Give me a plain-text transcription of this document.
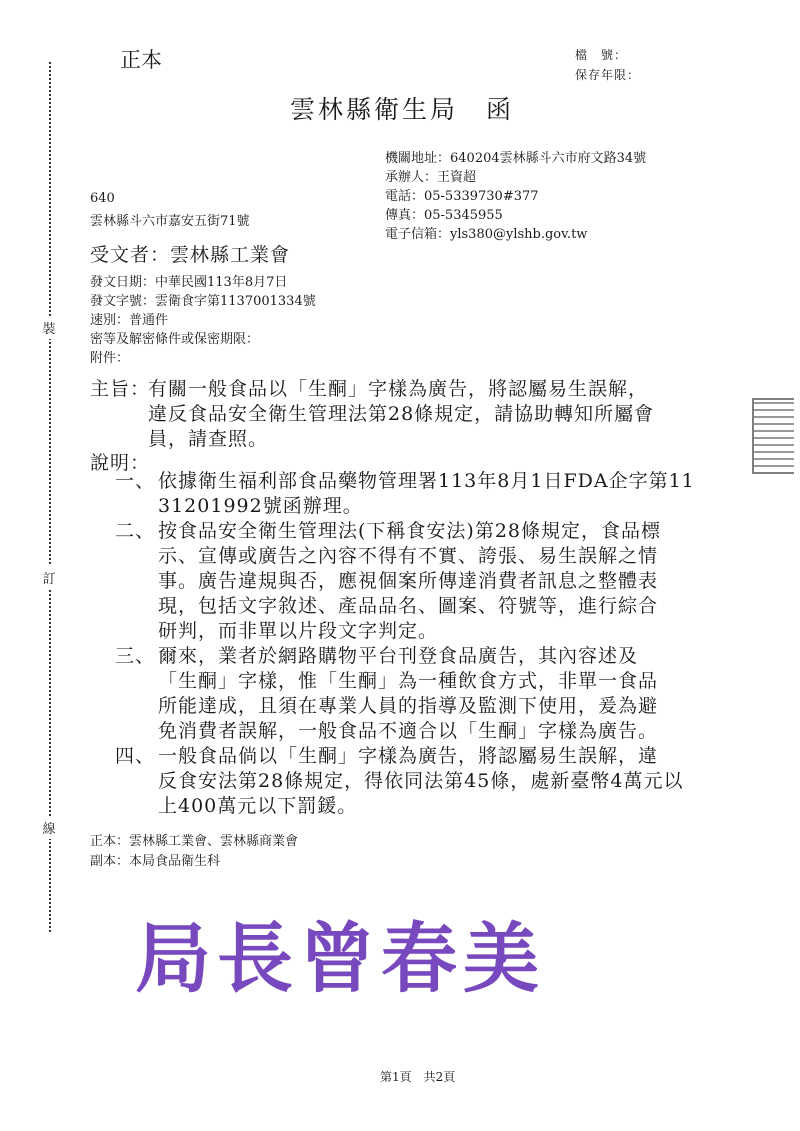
裝
訂
線
正本	檔　號：
保存年限：
雲林縣衛生局　函
機關地址：640204雲林縣斗六市府文路34號
承辦人：王資超
電話：05-5339730#377
傳真：05-5345955
電子信箱：yls380@ylshb.gov.tw
640
雲林縣斗六市嘉安五街71號
受文者：雲林縣工業會
發文日期：中華民國113年8月7日
發文字號：雲衛食字第1137001334號
速別：普通件
密等及解密條件或保密期限：
附件：
主旨：
有關一般食品以「生酮」字樣為廣告，將認屬易生誤解，
違反食品安全衛生管理法第28條規定，請協助轉知所屬會
員，請查照。
說明：
一、 依據衛生福利部食品藥物管理署113年8月1日FDA企字第11
31201992號函辦理。
二、 按食品安全衛生管理法(下稱食安法)第28條規定，食品標
示、宣傳或廣告之內容不得有不實、誇張、易生誤解之情
事。廣告違規與否，應視個案所傳達消費者訊息之整體表
現，包括文字敘述、產品品名、圖案、符號等，進行綜合
研判，而非單以片段文字判定。
三、 爾來，業者於網路購物平台刊登食品廣告，其內容述及
「生酮」字樣，惟「生酮」為一種飲食方式，非單一食品
所能達成，且須在專業人員的指導及監測下使用，爰為避
免消費者誤解，一般食品不適合以「生酮」字樣為廣告。
四、 一般食品倘以「生酮」字樣為廣告，將認屬易生誤解，違
反食安法第28條規定，得依同法第45條，處新臺幣4萬元以
上400萬元以下罰鍰。
正本：雲林縣工業會、雲林縣商業會
副本：本局食品衛生科
局長曾春美
第1頁　共2頁
